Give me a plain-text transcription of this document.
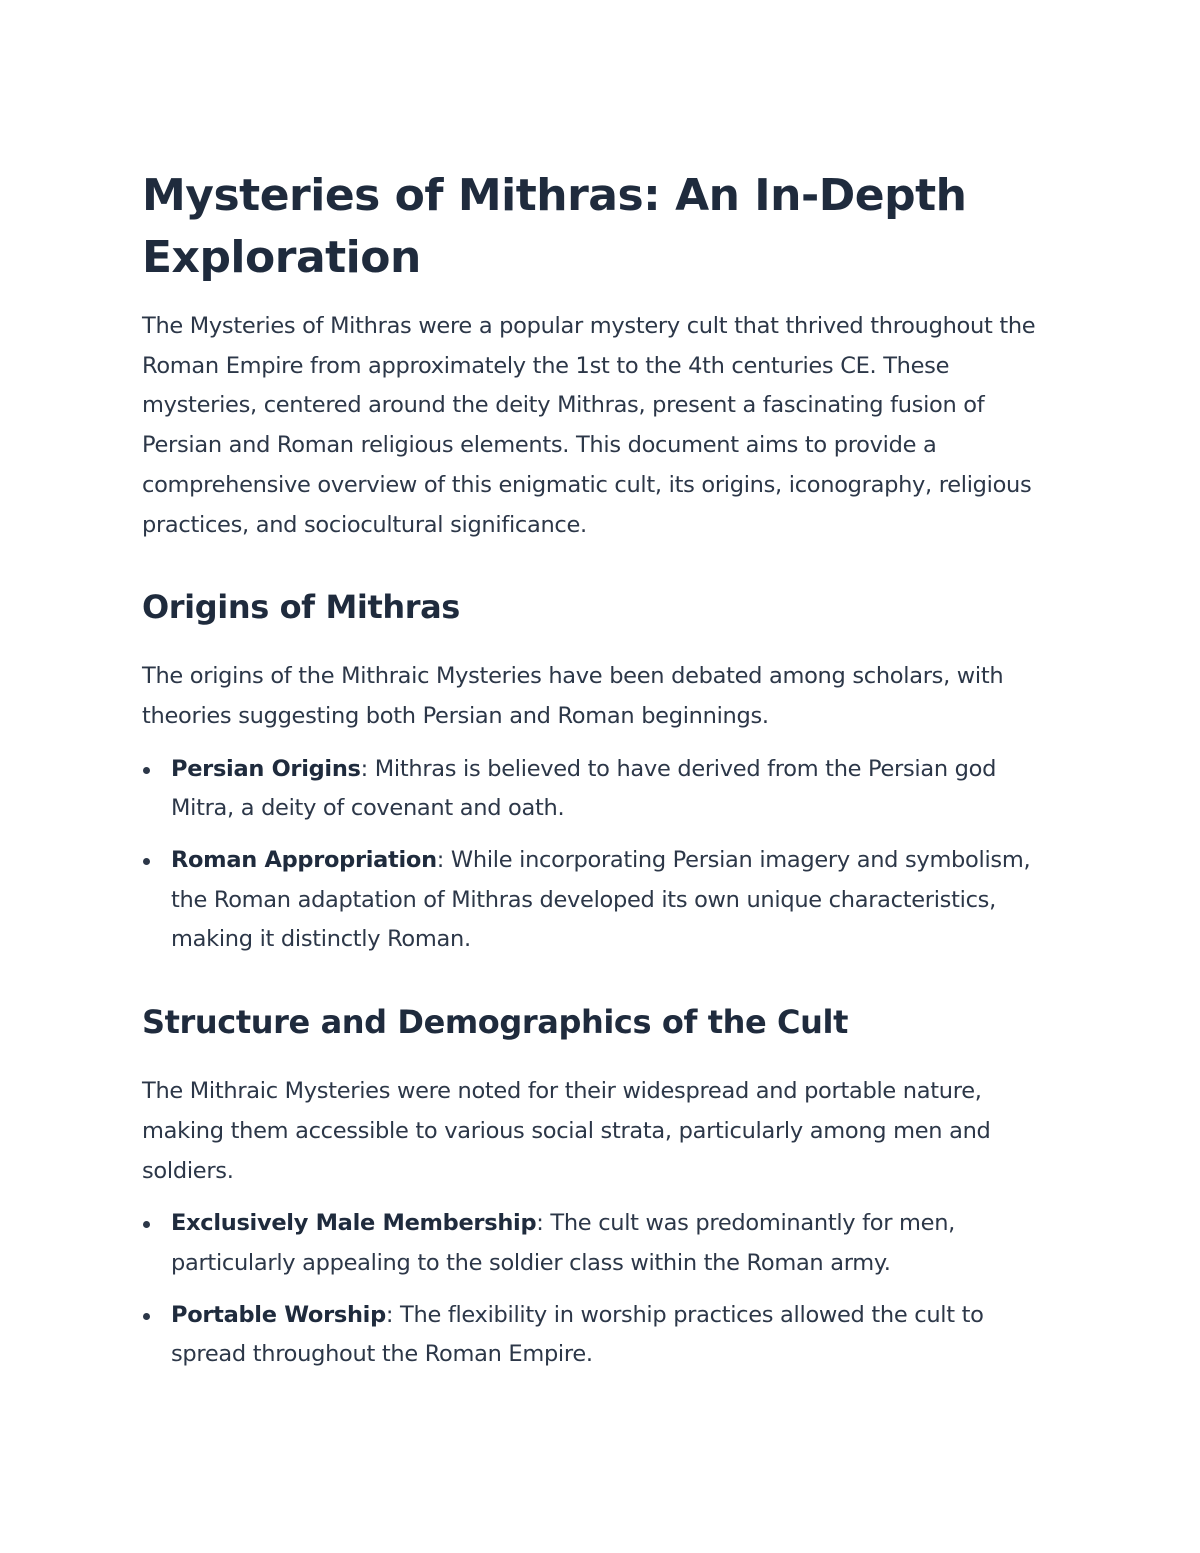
Mysteries of Mithras: An In-Depth Exploration

The Mysteries of Mithras were a popular mystery cult that thrived throughout the Roman Empire from approximately the 1st to the 4th centuries CE. These mysteries, centered around the deity Mithras, present a fascinating fusion of Persian and Roman religious elements. This document aims to provide a comprehensive overview of this enigmatic cult, its origins, iconography, religious practices, and sociocultural significance.

Origins of Mithras

The origins of the Mithraic Mysteries have been debated among scholars, with theories suggesting both Persian and Roman beginnings.

Persian Origins: Mithras is believed to have derived from the Persian god Mitra, a deity of covenant and oath.
Roman Appropriation: While incorporating Persian imagery and symbolism, the Roman adaptation of Mithras developed its own unique characteristics, making it distinctly Roman.
Structure and Demographics of the Cult

The Mithraic Mysteries were noted for their widespread and portable nature, making them accessible to various social strata, particularly among men and soldiers.

Exclusively Male Membership: The cult was predominantly for men, particularly appealing to the soldier class within the Roman army.
Portable Worship: The flexibility in worship practices allowed the cult to spread throughout the Roman Empire.
